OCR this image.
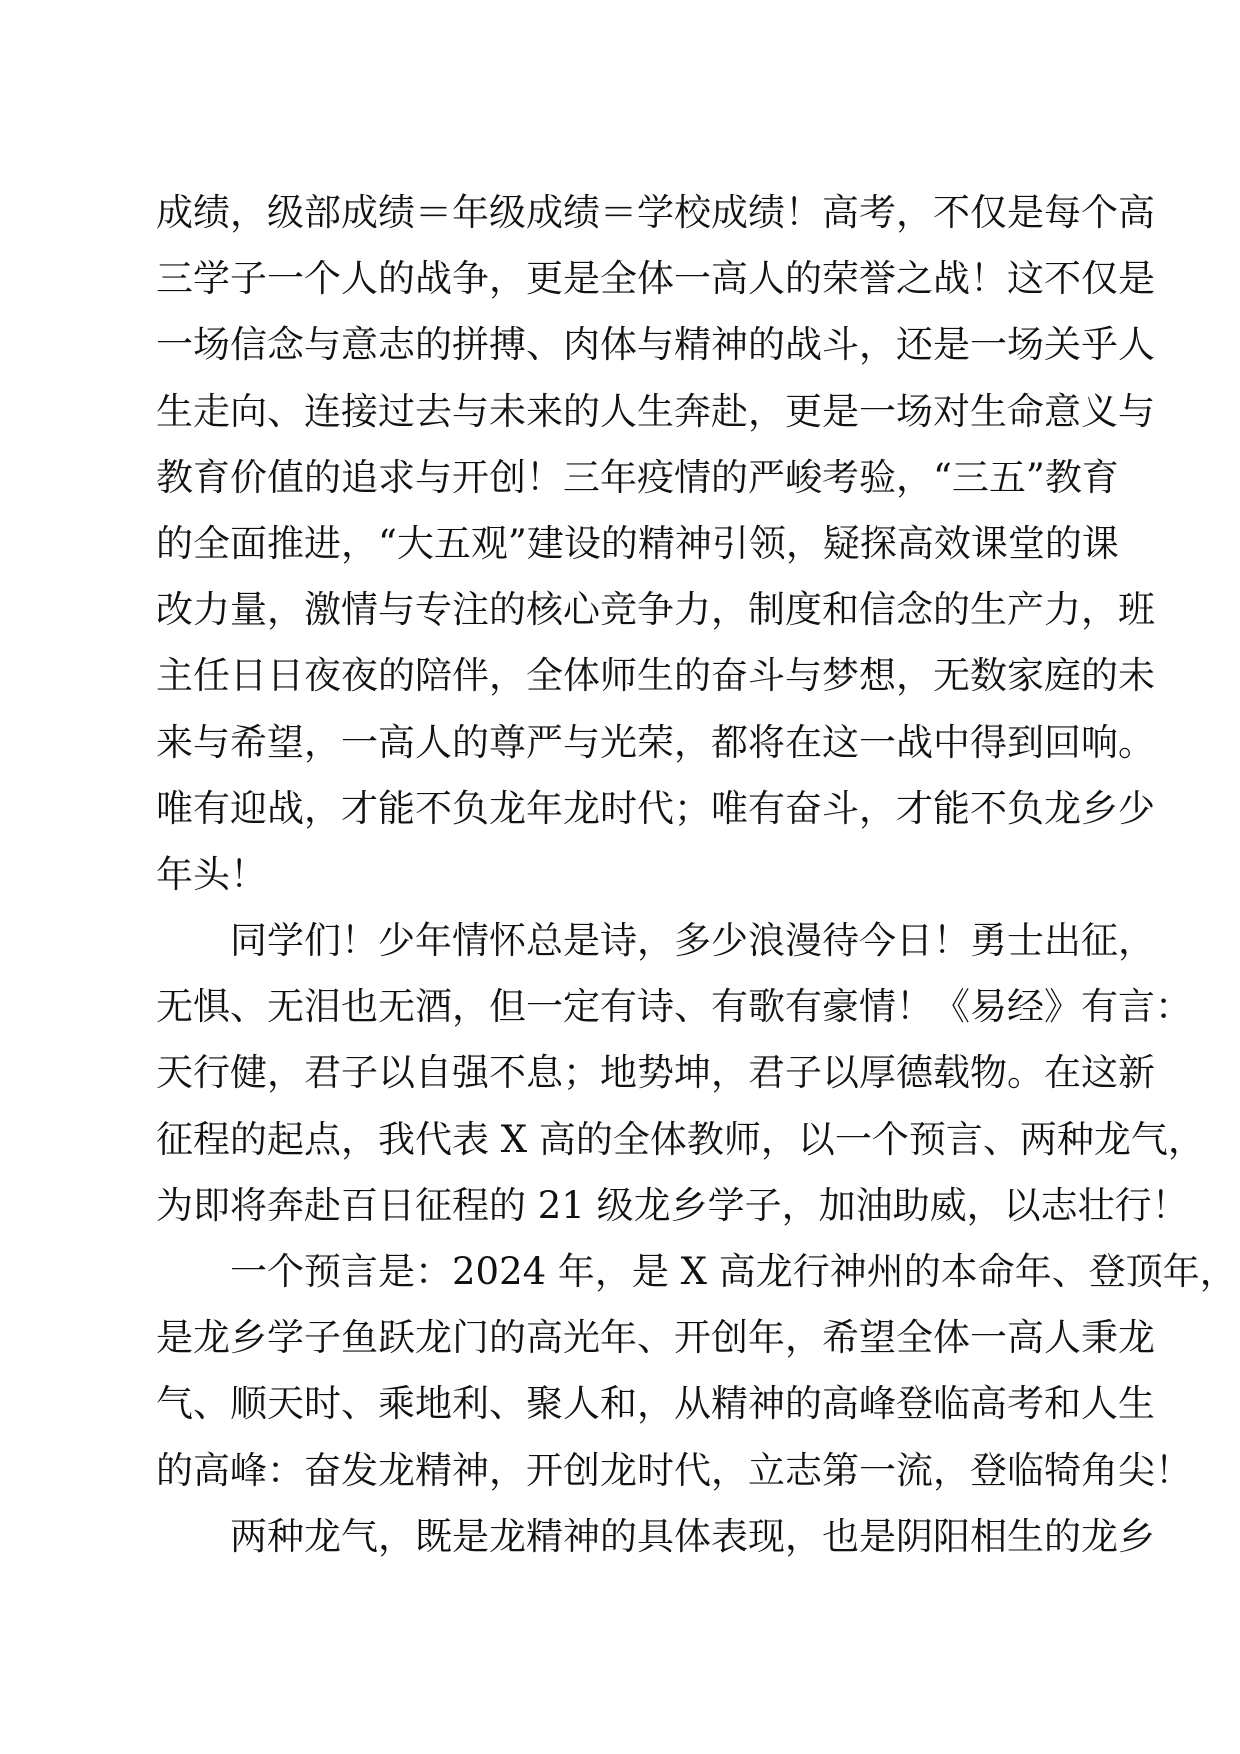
成绩，级部成绩＝年级成绩＝学校成绩！高考，不仅是每个高
三学子一个人的战争，更是全体一高人的荣誉之战！这不仅是
一场信念与意志的拼搏、肉体与精神的战斗，还是一场关乎人
生走向、连接过去与未来的人生奔赴，更是一场对生命意义与
教育价值的追求与开创！三年疫情的严峻考验，“三五”教育
的全面推进，“大五观”建设的精神引领，疑探高效课堂的课
改力量，激情与专注的核心竞争力，制度和信念的生产力，班
主任日日夜夜的陪伴，全体师生的奋斗与梦想，无数家庭的未
来与希望，一高人的尊严与光荣，都将在这一战中得到回响。
唯有迎战，才能不负龙年龙时代；唯有奋斗，才能不负龙乡少
年头！
同学们！少年情怀总是诗，多少浪漫待今日！勇士出征，
无惧、无泪也无酒，但一定有诗、有歌有豪情！《易经》有言：
天行健，君子以自强不息；地势坤，君子以厚德载物。在这新
征程的起点，我代表 X 高的全体教师，以一个预言、两种龙气，
为即将奔赴百日征程的 21 级龙乡学子，加油助威，以志壮行！
一个预言是：2024 年，是 X 高龙行神州的本命年、登顶年，
是龙乡学子鱼跃龙门的高光年、开创年，希望全体一高人秉龙
气、顺天时、乘地利、聚人和，从精神的高峰登临高考和人生
的高峰：奋发龙精神，开创龙时代，立志第一流，登临犄角尖！
两种龙气，既是龙精神的具体表现，也是阴阳相生的龙乡
